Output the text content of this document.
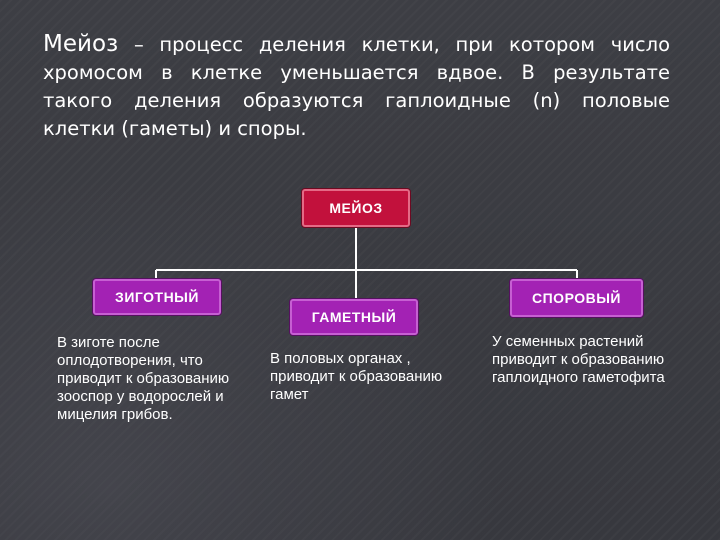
Мейоз – процесс деления клетки, при котором число хромосом в клетке уменьшается вдвое. В результате такого деления образуются гаплоидные (n) половые клетки (гаметы) и споры.
МЕЙОЗ
ЗИГОТНЫЙ
ГАМЕТНЫЙ
СПОРОВЫЙ
В зиготе после оплодотворения, что приводит к образованию зооспор у водорослей и мицелия грибов.
В половых органах , приводит к образованию гамет
У семенных растений приводит к образованию гаплоидного гаметофита
